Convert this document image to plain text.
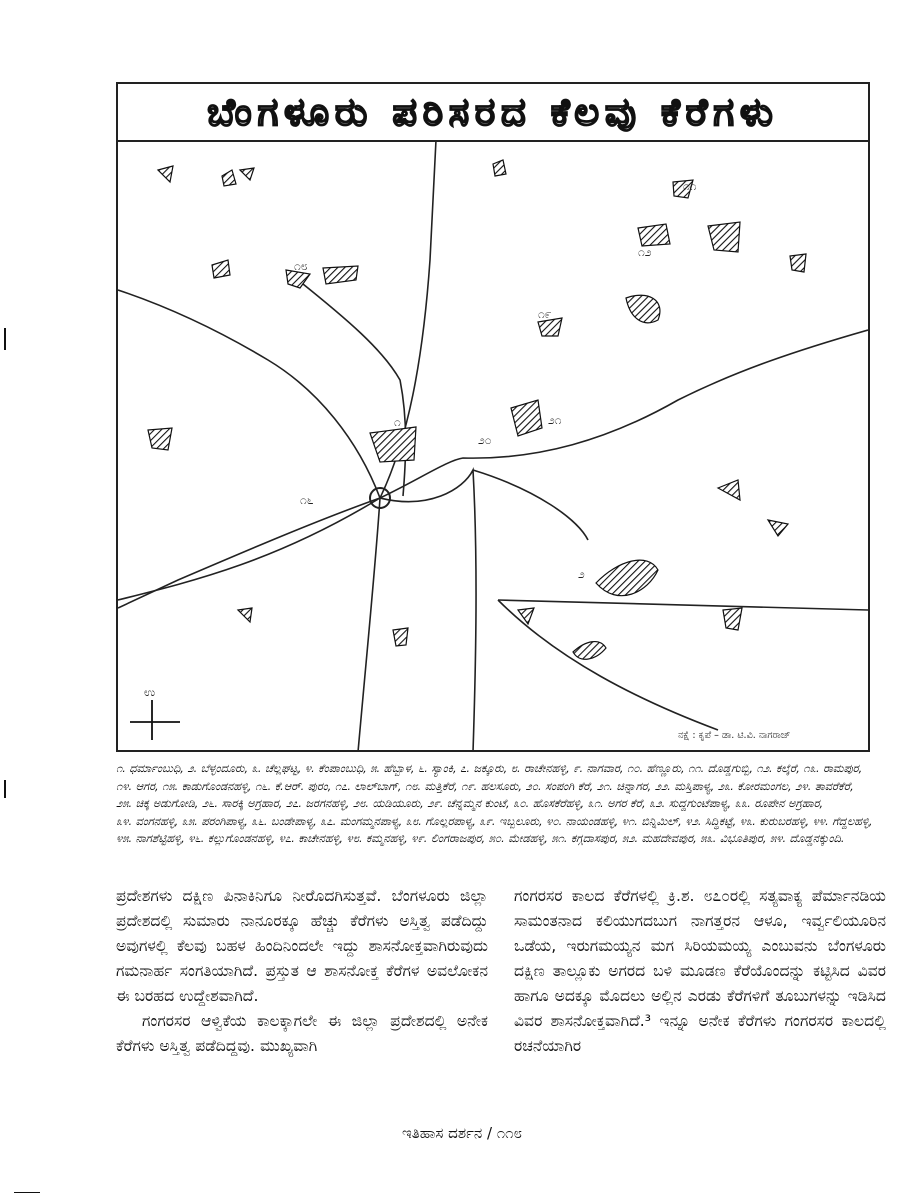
ಬೆಂಗಳೂರು ಪರಿಸರದ ಕೆಲವು ಕೆರೆಗಳು
೧
೨
೨೦
೧೧
೧೯
೧೨
೧೮
೨೧
೧೬
ಉ
ನಕ್ಷೆ : ಕೃಪೆ – ಡಾ. ಟಿ.ವಿ. ನಾಗರಾಜ್
೧. ಧರ್ಮಾಂಬುಧಿ, ೨. ಬೆಳ್ಳಂದೂರು, ೩. ಚೆಲ್ಲಘಟ್ಟ, ೪. ಕೆಂಪಾಂಬುಧಿ, ೫. ಹೆಬ್ಬಾಳ, ೬. ಸ್ಯಾಂಕಿ, ೭. ಜಕ್ಕೂರು, ೮. ರಾಚೇನಹಳ್ಳಿ, ೯. ನಾಗವಾರ, ೧೦. ಹೆಣ್ಣೂರು, ೧೧. ದೊಡ್ಡಗುಬ್ಬಿ, ೧೨. ಕಲ್ಕೆರೆ, ೧೩. ರಾಮಪುರ, ೧೪. ಆಗರ, ೧೫. ಕಾಡುಗೊಂಡನಹಳ್ಳಿ, ೧೬. ಕೆ.ಆರ್. ಪುರಂ, ೧೭. ಲಾಲ್‌ಬಾಗ್, ೧೮. ಮತ್ತಿಕೆರೆ, ೧೯. ಹಲಸೂರು, ೨೦. ಸಂಪಂಗಿ ಕೆರೆ, ೨೧. ಚಿನ್ನಾಗರ, ೨೨. ಮಸ್ತಿಪಾಳ್ಯ, ೨೩. ಕೋರಮಂಗಲ, ೨೪. ತಾವರೆಕೆರೆ, ೨೫. ಚಿಕ್ಕ ಅಡುಗೋಡಿ, ೨೬. ಸಾರಕ್ಕಿ ಅಗ್ರಹಾರ, ೨೭. ಜರಗನಹಳ್ಳಿ, ೨೮. ಯಡಿಯೂರು, ೨೯. ಚೆನ್ನಮ್ಮನ ಕುಂಟೆ, ೩೦. ಹೊಸಕೆರೆಹಳ್ಳಿ, ೩೧. ಅಗರ ಕೆರೆ, ೩೨. ಸುದ್ದಗುಂಟೆಪಾಳ್ಯ, ೩೩. ರೂಪೇನ ಅಗ್ರಹಾರ, ೩೪. ವಂಗನಹಳ್ಳಿ, ೩೫. ಪರಂಗಿಪಾಳ್ಯ, ೩೬. ಬಂಡೇಪಾಳ್ಯ, ೩೭. ಮಂಗಮ್ಮನಪಾಳ್ಯ, ೩೮. ಗೊಲ್ಲರಪಾಳ್ಯ, ೩೯. ಇಬ್ಬಲೂರು, ೪೦. ನಾಯಂಡಹಳ್ಳಿ, ೪೧. ಬಿನ್ನಿಮಿಲ್, ೪೨. ಸಿದ್ಧಿಕಟ್ಟೆ, ೪೩. ಕುರುಬರಹಳ್ಳಿ, ೪೪. ಗೆದ್ದಲಹಳ್ಳಿ, ೪೫. ನಾಗಶೆಟ್ಟಿಹಳ್ಳಿ, ೪೬. ಕಲ್ಲುಗೊಂಡನಹಳ್ಳಿ, ೪೭. ಕಾಚೇನಹಳ್ಳಿ, ೪೮. ಕಮ್ಮನಹಳ್ಳಿ, ೪೯. ಲಿಂಗರಾಜಪುರ, ೫೦. ಮೇಡಹಳ್ಳಿ, ೫೧. ಕಗ್ಗದಾಸಪುರ, ೫೨. ಮಹದೇವಪುರ, ೫೩. ವಿಭೂತಿಪುರ, ೫೪. ದೊಡ್ಡನಕ್ಕುಂದಿ.

ಪ್ರದೇಶಗಳು ದಕ್ಷಿಣ ಪಿನಾಕಿನಿಗೂ ನೀರೊದಗಿಸುತ್ತವೆ. ಬೆಂಗಳೂರು ಜಿಲ್ಲಾ ಪ್ರದೇಶದಲ್ಲಿ ಸುಮಾರು ನಾನೂರಕ್ಕೂ ಹೆಚ್ಚು ಕೆರೆಗಳು ಅಸ್ತಿತ್ವ ಪಡೆದಿದ್ದು ಅವುಗಳಲ್ಲಿ ಕೆಲವು ಬಹಳ ಹಿಂದಿನಿಂದಲೇ ಇದ್ದು ಶಾಸನೋಕ್ತವಾಗಿರುವುದು ಗಮನಾರ್ಹ ಸಂಗತಿಯಾಗಿದೆ. ಪ್ರಸ್ತುತ ಆ ಶಾಸನೋಕ್ತ ಕೆರೆಗಳ ಅವಲೋಕನ ಈ ಬರಹದ ಉದ್ದೇಶವಾಗಿದೆ.

ಗಂಗರಸರ ಆಳ್ವಿಕೆಯ ಕಾಲಕ್ಕಾಗಲೇ ಈ ಜಿಲ್ಲಾ ಪ್ರದೇಶದಲ್ಲಿ ಅನೇಕ ಕೆರೆಗಳು ಅಸ್ತಿತ್ವ ಪಡೆದಿದ್ದವು. ಮುಖ್ಯವಾಗಿ

ಗಂಗರಸರ ಕಾಲದ ಕೆರೆಗಳಲ್ಲಿ ಕ್ರಿ.ಶ. ೮೭೦ರಲ್ಲಿ ಸತ್ಯವಾಕ್ಯ ಪೆರ್ಮಾನಡಿಯ ಸಾಮಂತನಾದ ಕಲಿಯುಗದಬುಗ ನಾಗತ್ತರನ ಆಳೂ, ಇರ್ವ್ವಲಿಯೂರಿನ ಒಡೆಯ, ಇರುಗಮಯ್ಯನ ಮಗ ಸಿರಿಯಮಯ್ಯ ಎಂಬುವನು ಬೆಂಗಳೂರು ದಕ್ಷಿಣ ತಾಲ್ಲೂಕು ಅಗರದ ಬಳಿ ಮೂಡಣ ಕೆರೆಯೊಂದನ್ನು ಕಟ್ಟಿಸಿದ ವಿವರ ಹಾಗೂ ಅದಕ್ಕೂ ಮೊದಲು ಅಲ್ಲಿನ ಎರಡು ಕೆರೆಗಳಿಗೆ ತೂಬುಗಳನ್ನು ಇಡಿಸಿದ ವಿವರ ಶಾಸನೋಕ್ತವಾಗಿದೆ.³ ಇನ್ನೂ ಅನೇಕ ಕೆರೆಗಳು ಗಂಗರಸರ ಕಾಲದಲ್ಲಿ ರಚನೆಯಾಗಿರ

ಇತಿಹಾಸ ದರ್ಶನ / ೧೧೮
